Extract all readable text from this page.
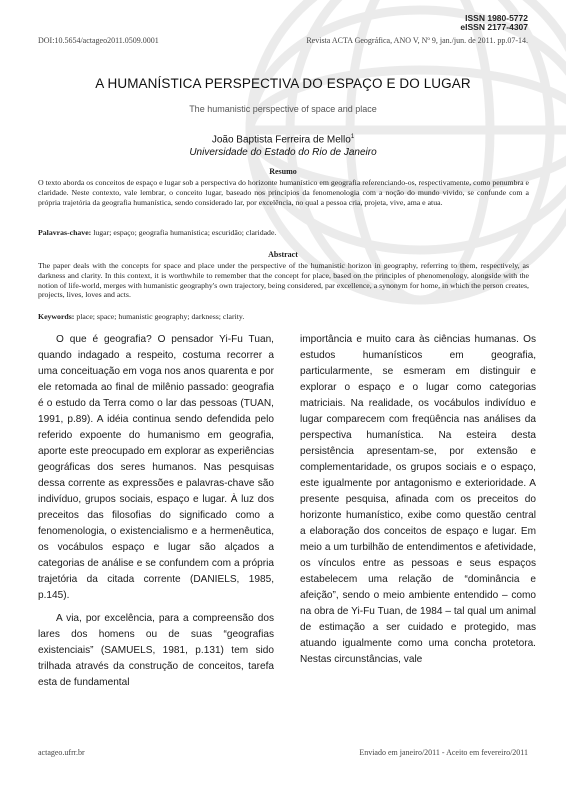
ISSN 1980-5772
eISSN 2177-4307
DOI:10.5654/actageo2011.0509.0001	Revista ACTA Geográfica, ANO V, Nº 9, jan./jun. de 2011. pp.07-14.
A HUMANÍSTICA PERSPECTIVA DO ESPAÇO E DO LUGAR
The humanistic perspective of space and place
João Baptista Ferreira de Mello$^1$
Universidade do Estado do Rio de Janeiro
Resumo
O texto aborda os conceitos de espaço e lugar sob a perspectiva do horizonte humanístico em geografia referenciando-os, respectivamente, como penumbra e claridade. Neste contexto, vale lembrar, o conceito lugar, baseado nos princípios da fenomenologia com a noção do mundo vivido, se confunde com a própria trajetória da geografia humanística, sendo considerado lar, por excelência, no qual a pessoa cria, projeta, vive, ama e atua.
Palavras-chave: lugar; espaço; geografia humanística; escuridão; claridade.
Abstract
The paper deals with the concepts for space and place under the perspective of the humanistic horizon in geography, referring to them, respectively, as darkness and clarity. In this context, it is worthwhile to remember that the concept for place, based on the principles of phenomenology, alongside with the notion of life-world, merges with humanistic geography's own trajectory, being considered, par excellence, a synonym for home, in which the person creates, projects, lives, loves and acts.
Keywords: place; space; humanistic geography; darkness; clarity.

O que é geografia? O pensador Yi-Fu Tuan, quando indagado a respeito, costuma recorrer a uma conceituação em voga nos anos quarenta e por ele retomada ao final de milênio passado: geografia é o estudo da Terra como o lar das pessoas (TUAN, 1991, p.89). A idéia continua sendo defendida pelo referido expoente do humanismo em geografia, aporte este preocupado em explorar as experiências geográficas dos seres humanos. Nas pesquisas dessa corrente as expressões e palavras-chave são indivíduo, grupos sociais, espaço e lugar. À luz dos preceitos das filosofias do significado como a fenomenologia, o existencialismo e a hermenêutica, os vocábulos espaço e lugar são alçados a categorias de análise e se confundem com a própria trajetória da citada corrente (DANIELS, 1985, p.145).

A via, por excelência, para a compreensão dos lares dos homens ou de suas “geografias existenciais” (SAMUELS, 1981, p.131) tem sido trilhada através da construção de conceitos, tarefa esta de fundamental

importância e muito cara às ciências humanas. Os estudos humanísticos em geografia, particularmente, se esmeram em distinguir e explorar o espaço e o lugar como categorias matriciais. Na realidade, os vocábulos indivíduo e lugar comparecem com freqüência nas análises da perspectiva humanística. Na esteira desta persistência apresentam-se, por extensão e complementaridade, os grupos sociais e o espaço, este igualmente por antagonismo e exterioridade. A presente pesquisa, afinada com os preceitos do horizonte humanístico, exibe como questão central a elaboração dos conceitos de espaço e lugar. Em meio a um turbilhão de entendimentos e afetividade, os vínculos entre as pessoas e seus espaços estabelecem uma relação de “dominância e afeição”, sendo o meio ambiente entendido – como na obra de Yi-Fu Tuan, de 1984 – tal qual um animal de estimação a ser cuidado e protegido, mas atuando igualmente como uma concha protetora. Nestas circunstâncias, vale

actageo.ufrr.br	Enviado em janeiro/2011 - Aceito em fevereiro/2011
